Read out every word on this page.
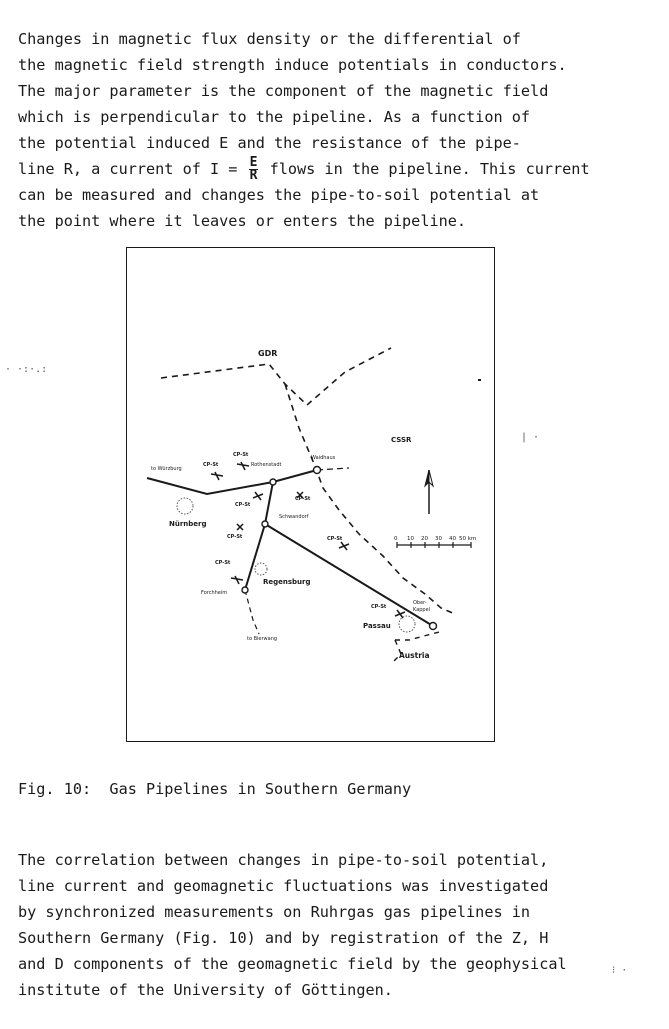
Changes in magnetic flux density or the differential of
the magnetic field strength induce potentials in conductors.
The major parameter is the component of the magnetic field
which is perpendicular to the pipeline. As a function of
the potential induced E and the resistance of the pipe-
line R, a current of $I = \frac{E}{R}$ flows in the pipeline. This current
can be measured and changes the pipe-to-soil potential at
the point where it leaves or enters the pipeline.

0 10 20 30 40 50 km
GDR
CSSR
Austria
to Würzburg
Rothenstadt
Waidhaus
Nürnberg
Schwandorf
Regensburg
Forchheim
to Bierwang
Ober-
Kappel
Passau
CP-St
CP-St
CP-St
CP-St
CP-St
CP-St
CP-St
CP-St
· ·:·.:
| ·
⁝ ·
Fig. 10:  Gas Pipelines in Southern Germany

The correlation between changes in pipe-to-soil potential,
line current and geomagnetic fluctuations was investigated
by synchronized measurements on Ruhrgas gas pipelines in
Southern Germany (Fig. 10) and by registration of the Z, H
and D components of the geomagnetic field by the geophysical
institute of the University of Göttingen.
